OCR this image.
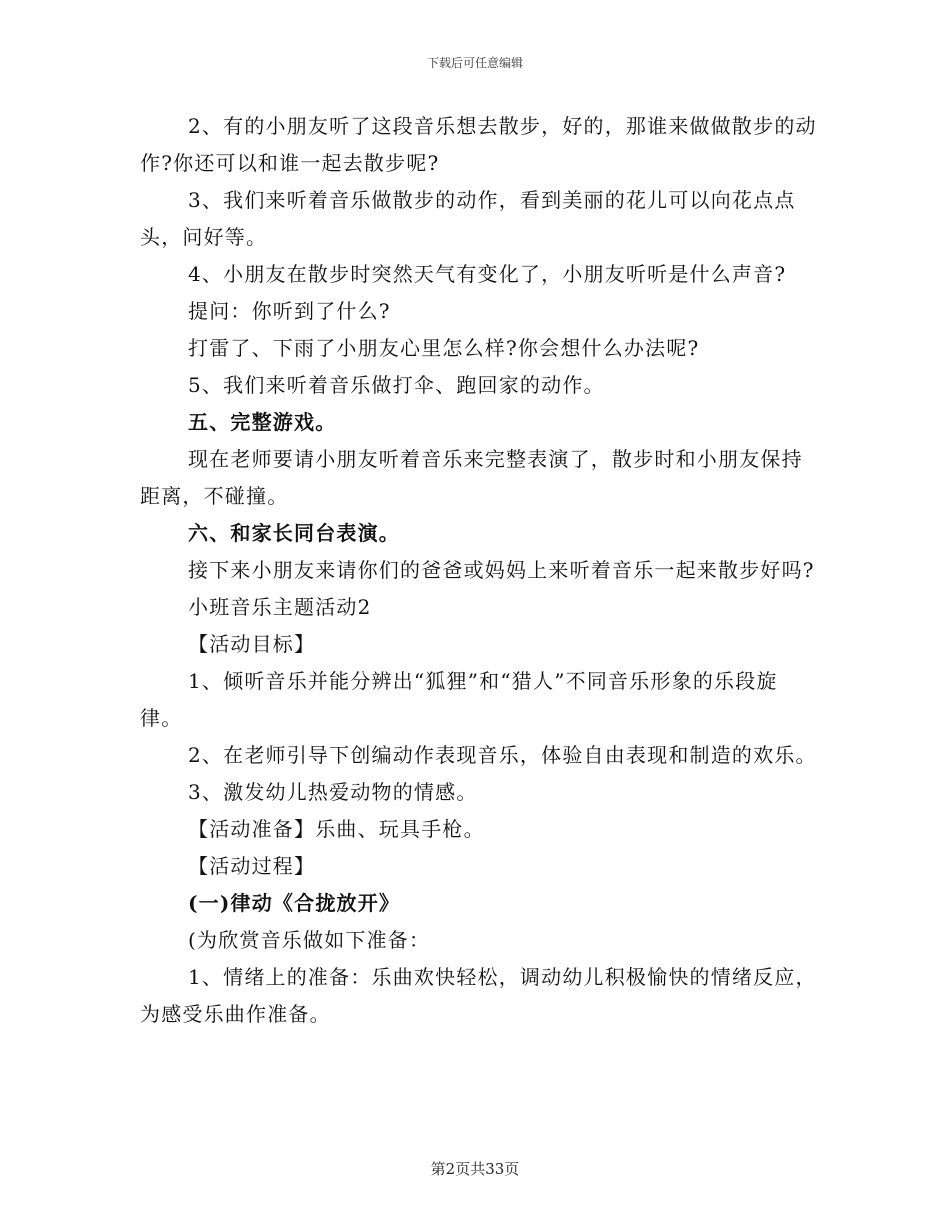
下载后可任意编辑

2、有的小朋友听了这段音乐想去散步，好的，那谁来做做散步的动作?你还可以和谁一起去散步呢?

3、我们来听着音乐做散步的动作，看到美丽的花儿可以向花点点头，问好等。

4、小朋友在散步时突然天气有变化了，小朋友听听是什么声音?

提问：你听到了什么?

打雷了、下雨了小朋友心里怎么样?你会想什么办法呢?

5、我们来听着音乐做打伞、跑回家的动作。

五、完整游戏。

现在老师要请小朋友听着音乐来完整表演了，散步时和小朋友保持距离，不碰撞。

六、和家长同台表演。

接下来小朋友来请你们的爸爸或妈妈上来听着音乐一起来散步好吗?

小班音乐主题活动2

【活动目标】

1、倾听音乐并能分辨出“狐狸”和“猎人”不同音乐形象的乐段旋律。

2、在老师引导下创编动作表现音乐，体验自由表现和制造的欢乐。

3、激发幼儿热爱动物的情感。

【活动准备】乐曲、玩具手枪。

【活动过程】

(一)律动《合拢放开》

(为欣赏音乐做如下准备：

1、情绪上的准备：乐曲欢快轻松，调动幼儿积极愉快的情绪反应，为感受乐曲作准备。

第2页共33页
